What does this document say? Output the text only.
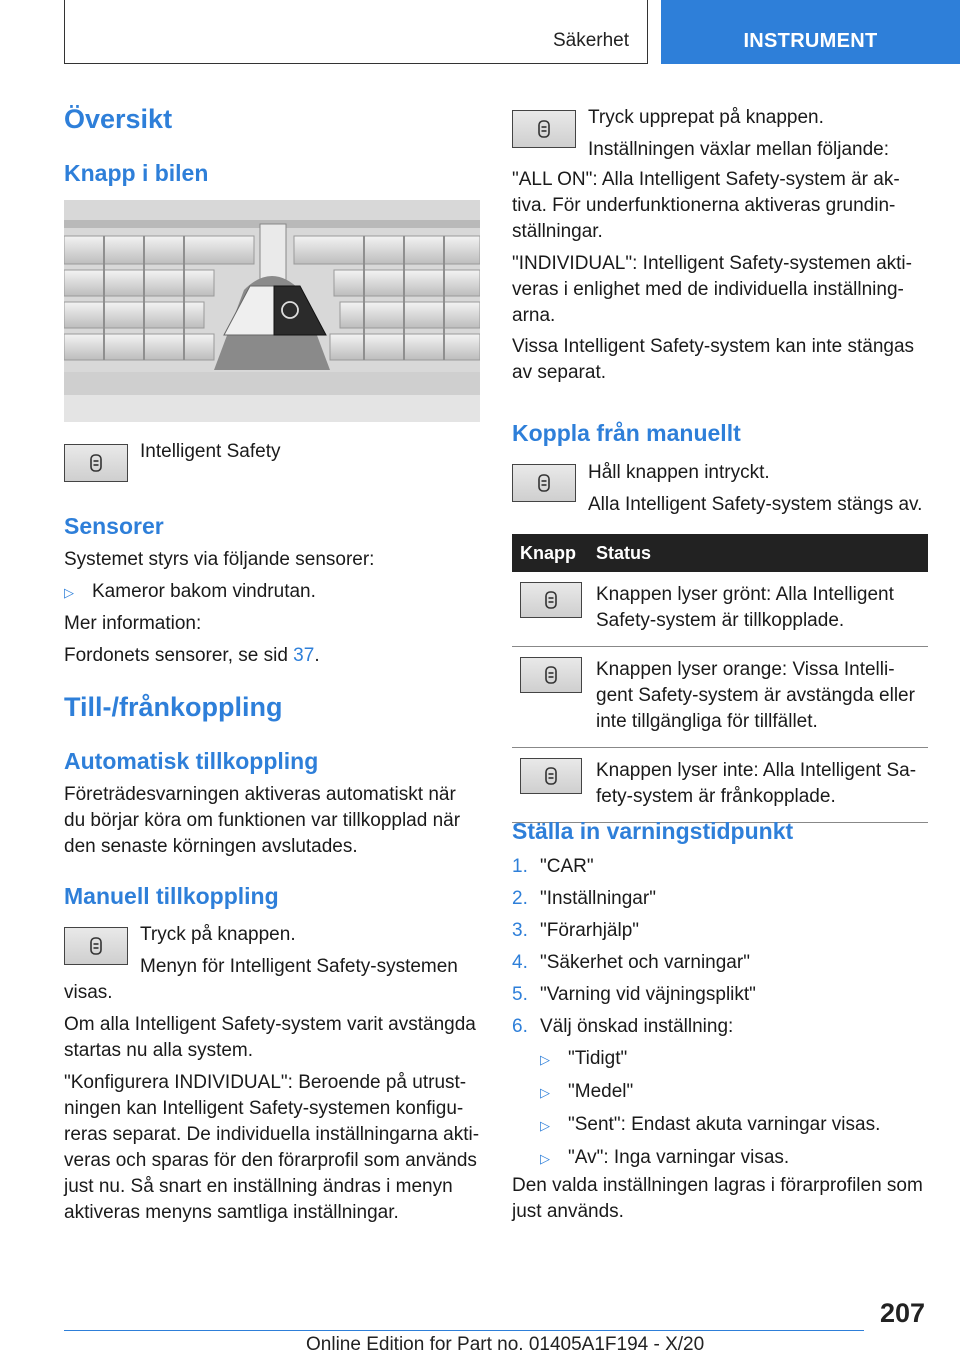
Säkerhet	INSTRUMENT
Översikt
Knapp i bilen

Intelligent Safety

Sensorer

Systemet styrs via följande sensorer:

▷ Kameror bakom vindrutan.

Mer information:

Fordonets sensorer, se sid 37.

Till-/frånkoppling
Automatisk tillkoppling
Företrädesvarningen aktiveras automatiskt när
du börjar köra om funktionen var tillkopplad när
den senaste körningen avslutades.
Manuell tillkoppling

Tryck på knappen.

Menyn för Intelligent Safety-systemen

visas.

Om alla Intelligent Safety-system varit avstängda
startas nu alla system.
"Konfigurera INDIVIDUAL": Beroende på utrust-
ningen kan Intelligent Safety-systemen konfigu-
reras separat. De individuella inställningarna akti-
veras och sparas för den förarprofil som används
just nu. Så snart en inställning ändras i menyn
aktiveras menyns samtliga inställningar.

Tryck upprepat på knappen.

Inställningen växlar mellan följande:

"ALL ON": Alla Intelligent Safety-system är ak-
tiva. För underfunktionerna aktiveras grundin-
ställningar.
"INDIVIDUAL": Intelligent Safety-systemen akti-
veras i enlighet med de individuella inställning-
arna.
Vissa Intelligent Safety-system kan inte stängas
av separat.
Koppla från manuellt

Håll knappen intryckt.

Alla Intelligent Safety-system stängs av.

Knapp	Status
Knappen lyser grönt: Alla Intelligent
Safety-system är tillkopplade.
Knappen lyser orange: Vissa Intelli-
gent Safety-system är avstängda eller
inte tillgängliga för tillfället.
Knappen lyser inte: Alla Intelligent Sa-
fety-system är frånkopplade.
Ställa in varningstidpunkt
1. "CAR"
2. "Inställningar"
3. "Förarhjälp"
4. "Säkerhet och varningar"
5. "Varning vid väjningsplikt"
6. Välj önskad inställning:
▷ "Tidigt"
▷ "Medel"
▷ "Sent": Endast akuta varningar visas.
▷ "Av": Inga varningar visas.
Den valda inställningen lagras i förarprofilen som
just används.
207
Online Edition for Part no. 01405A1F194 - X/20
